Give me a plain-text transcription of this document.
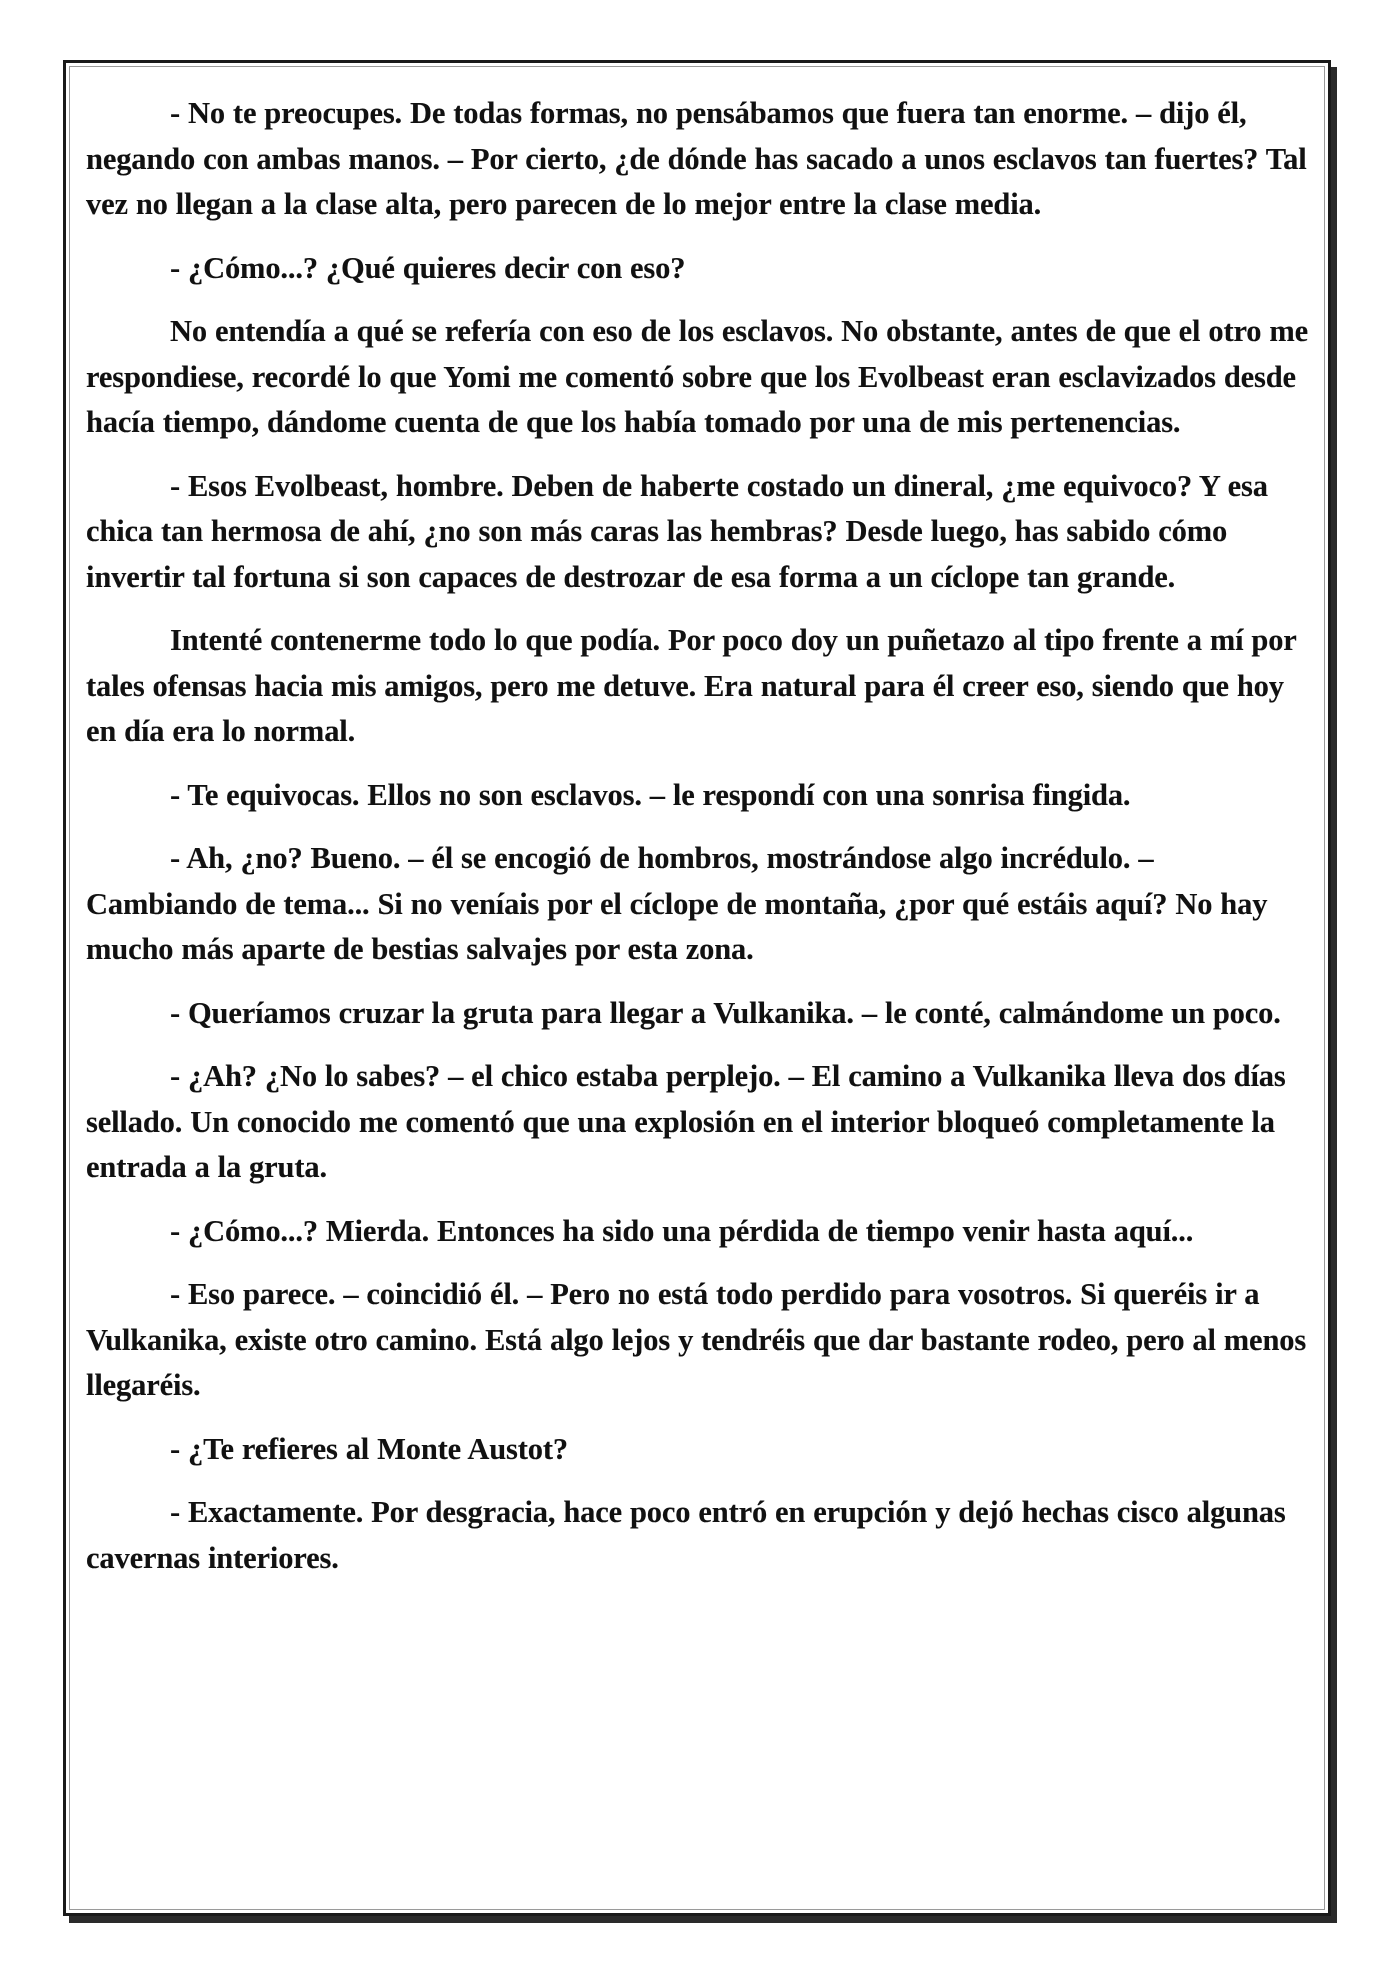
- No te preocupes. De todas formas, no pensábamos que fuera tan enorme. – dijo él, negando con ambas manos. – Por cierto, ¿de dónde has sacado a unos esclavos tan fuertes? Tal vez no llegan a la clase alta, pero parecen de lo mejor entre la clase media.

- ¿Cómo...? ¿Qué quieres decir con eso?

No entendía a qué se refería con eso de los esclavos. No obstante, antes de que el otro me respondiese, recordé lo que Yomi me comentó sobre que los Evolbeast eran esclavizados desde hacía tiempo, dándome cuenta de que los había tomado por una de mis pertenencias.

- Esos Evolbeast, hombre. Deben de haberte costado un dineral, ¿me equivoco? Y esa chica tan hermosa de ahí, ¿no son más caras las hembras? Desde luego, has sabido cómo invertir tal fortuna si son capaces de destrozar de esa forma a un cíclope tan grande.

Intenté contenerme todo lo que podía. Por poco doy un puñetazo al tipo frente a mí por tales ofensas hacia mis amigos, pero me detuve. Era natural para él creer eso, siendo que hoy en día era lo normal.

- Te equivocas. Ellos no son esclavos. – le respondí con una sonrisa fingida.

- Ah, ¿no? Bueno. – él se encogió de hombros, mostrándose algo incrédulo. – Cambiando de tema... Si no veníais por el cíclope de montaña, ¿por qué estáis aquí? No hay mucho más aparte de bestias salvajes por esta zona.

- Queríamos cruzar la gruta para llegar a Vulkanika. – le conté, calmándome un poco.

- ¿Ah? ¿No lo sabes? – el chico estaba perplejo. – El camino a Vulkanika lleva dos días sellado. Un conocido me comentó que una explosión en el interior bloqueó completamente la entrada a la gruta.

- ¿Cómo...? Mierda. Entonces ha sido una pérdida de tiempo venir hasta aquí...

- Eso parece. – coincidió él. – Pero no está todo perdido para vosotros. Si queréis ir a Vulkanika, existe otro camino. Está algo lejos y tendréis que dar bastante rodeo, pero al menos llegaréis.

- ¿Te refieres al Monte Austot?

- Exactamente. Por desgracia, hace poco entró en erupción y dejó hechas cisco algunas cavernas interiores.
